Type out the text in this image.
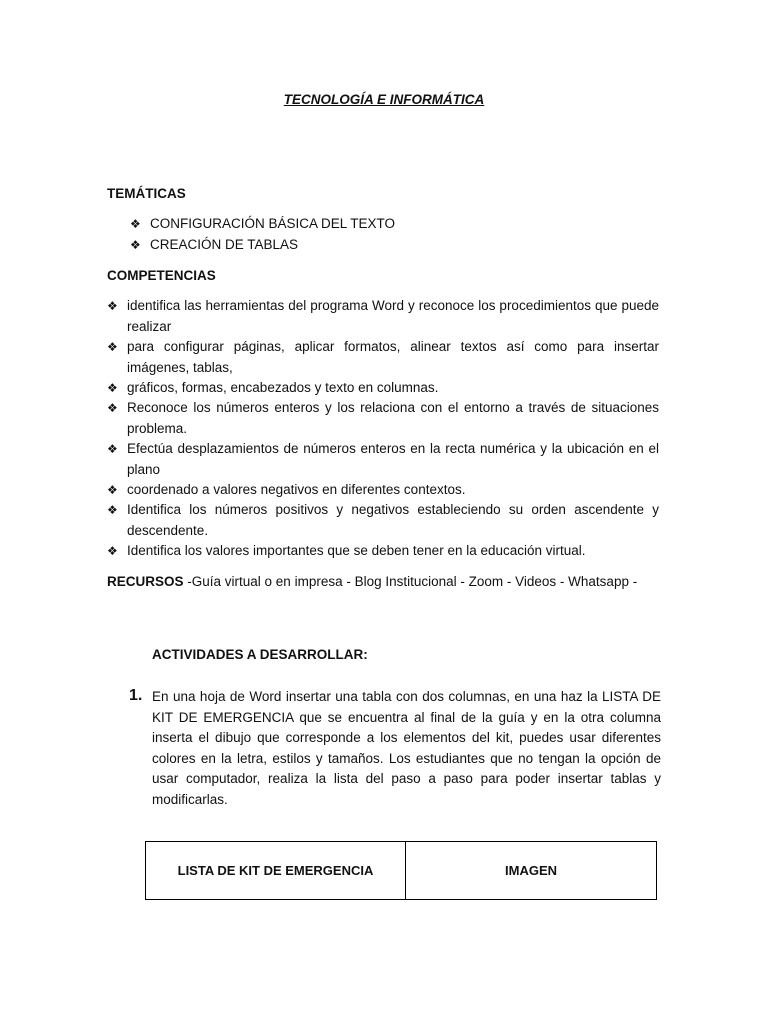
TECNOLOGÍA E INFORMÁTICA
TEMÁTICAS
❖ CONFIGURACIÓN BÁSICA DEL TEXTO
❖ CREACIÓN DE TABLAS
COMPETENCIAS
❖ identifica las herramientas del programa Word y reconoce los procedimientos que puede realizar
❖ para configurar páginas, aplicar formatos, alinear textos así como para insertar imágenes, tablas,
❖ gráficos, formas, encabezados y texto en columnas.
❖ Reconoce los números enteros y los relaciona con el entorno a través de situaciones problema.
❖ Efectúa desplazamientos de números enteros en la recta numérica y la ubicación en el plano
❖ coordenado a valores negativos en diferentes contextos.
❖ Identifica los números positivos y negativos estableciendo su orden ascendente y descendente.
❖ Identifica los valores importantes que se deben tener en la educación virtual.
RECURSOS -Guía virtual o en impresa - Blog Institucional - Zoom - Videos - Whatsapp -
ACTIVIDADES A DESARROLLAR:
1. En una hoja de Word insertar una tabla con dos columnas, en una haz la LISTA DE KIT DE EMERGENCIA que se encuentra al final de la guía y en la otra columna inserta el dibujo que corresponde a los elementos del kit, puedes usar diferentes colores en la letra, estilos y tamaños. Los estudiantes que no tengan la opción de usar computador, realiza la lista del paso a paso para poder insertar tablas y modificarlas.
LISTA DE KIT DE EMERGENCIA	IMAGEN
